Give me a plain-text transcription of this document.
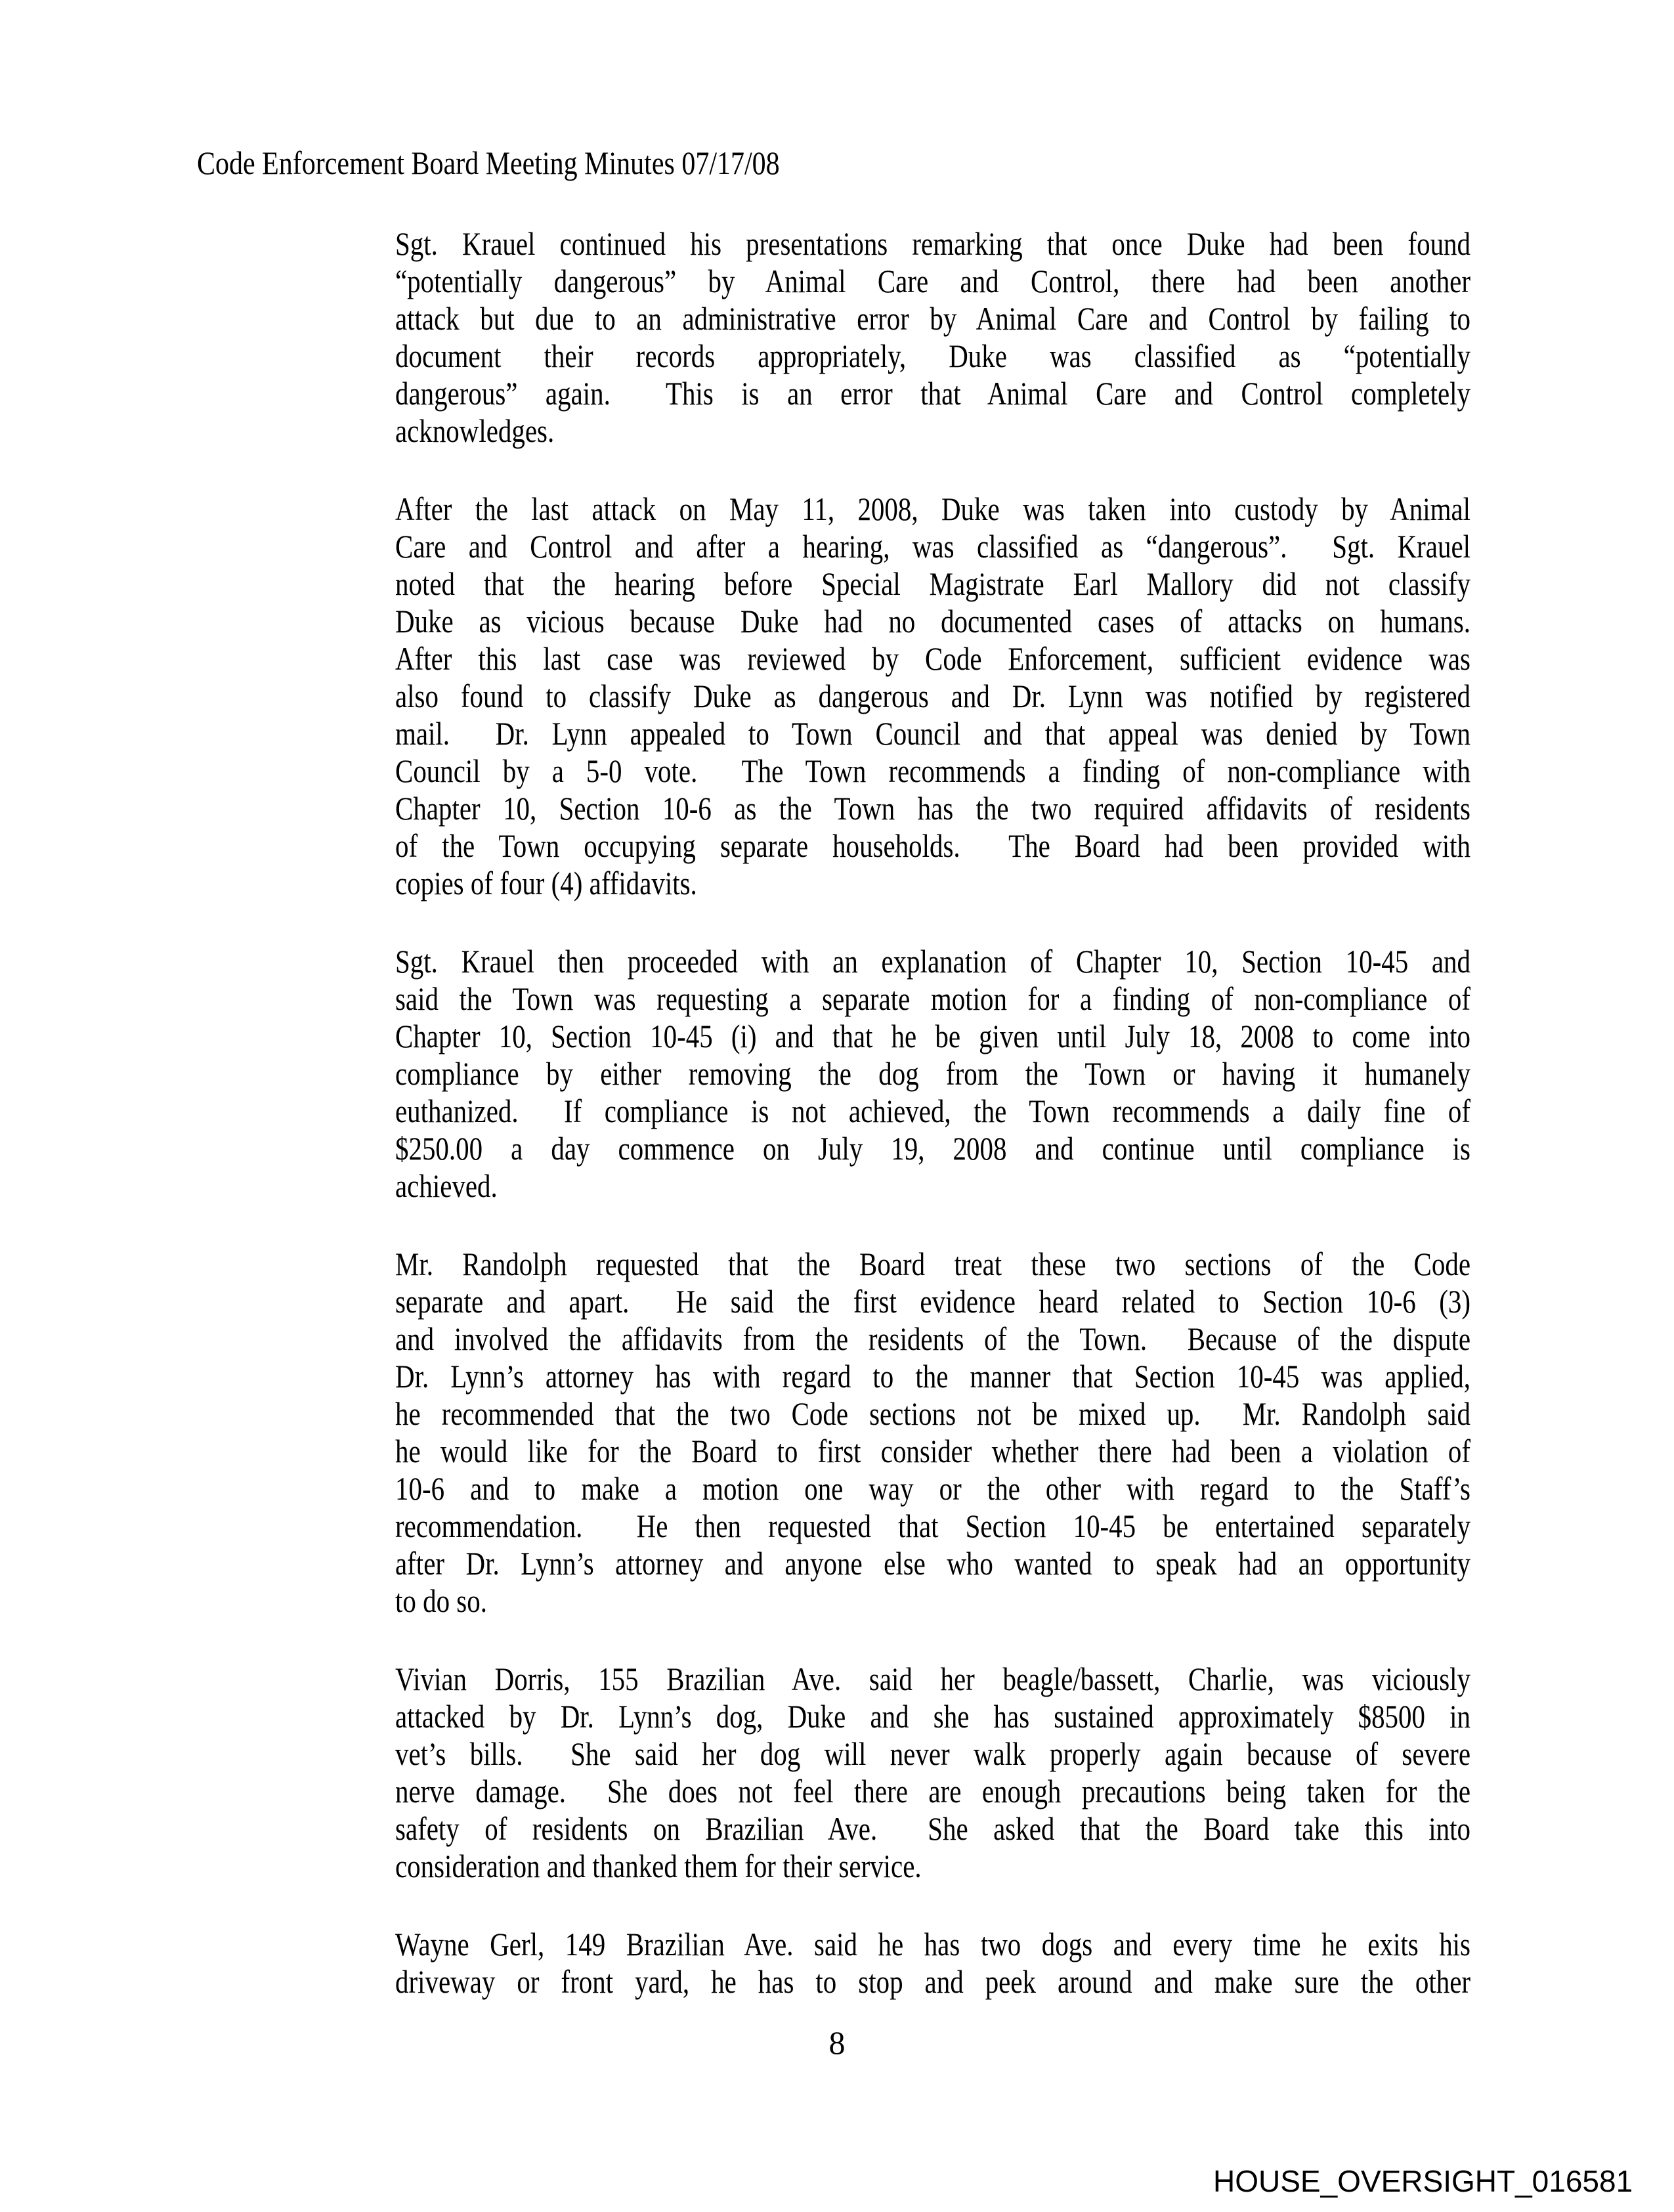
Code Enforcement Board Meeting Minutes 07/17/08

Sgt. Krauel continued his presentations remarking that once Duke had been found
“potentially dangerous” by Animal Care and Control, there had been another
attack but due to an administrative error by Animal Care and Control by failing to
document their records appropriately, Duke was classified as “potentially
dangerous” again.  This is an error that Animal Care and Control completely
acknowledges.

After the last attack on May 11, 2008, Duke was taken into custody by Animal
Care and Control and after a hearing, was classified as “dangerous”.  Sgt. Krauel
noted that the hearing before Special Magistrate Earl Mallory did not classify
Duke as vicious because Duke had no documented cases of attacks on humans.
After this last case was reviewed by Code Enforcement, sufficient evidence was
also found to classify Duke as dangerous and Dr. Lynn was notified by registered
mail.  Dr. Lynn appealed to Town Council and that appeal was denied by Town
Council by a 5-0 vote.  The Town recommends a finding of non-compliance with
Chapter 10, Section 10-6 as the Town has the two required affidavits of residents
of the Town occupying separate households.  The Board had been provided with
copies of four (4) affidavits.

Sgt. Krauel then proceeded with an explanation of Chapter 10, Section 10-45 and
said the Town was requesting a separate motion for a finding of non-compliance of
Chapter 10, Section 10-45 (i) and that he be given until July 18, 2008 to come into
compliance by either removing the dog from the Town or having it humanely
euthanized.  If compliance is not achieved, the Town recommends a daily fine of
$250.00 a day commence on July 19, 2008 and continue until compliance is
achieved.

Mr. Randolph requested that the Board treat these two sections of the Code
separate and apart.  He said the first evidence heard related to Section 10-6 (3)
and involved the affidavits from the residents of the Town.  Because of the dispute
Dr. Lynn’s attorney has with regard to the manner that Section 10-45 was applied,
he recommended that the two Code sections not be mixed up.  Mr. Randolph said
he would like for the Board to first consider whether there had been a violation of
10-6 and to make a motion one way or the other with regard to the Staff’s
recommendation.  He then requested that Section 10-45 be entertained separately
after Dr. Lynn’s attorney and anyone else who wanted to speak had an opportunity
to do so.

Vivian Dorris, 155 Brazilian Ave. said her beagle/bassett, Charlie, was viciously
attacked by Dr. Lynn’s dog, Duke and she has sustained approximately $8500 in
vet’s bills.  She said her dog will never walk properly again because of severe
nerve damage.  She does not feel there are enough precautions being taken for the
safety of residents on Brazilian Ave.  She asked that the Board take this into
consideration and thanked them for their service.

Wayne Gerl, 149 Brazilian Ave. said he has two dogs and every time he exits his
driveway or front yard, he has to stop and peek around and make sure the other

8
HOUSE_OVERSIGHT_016581
